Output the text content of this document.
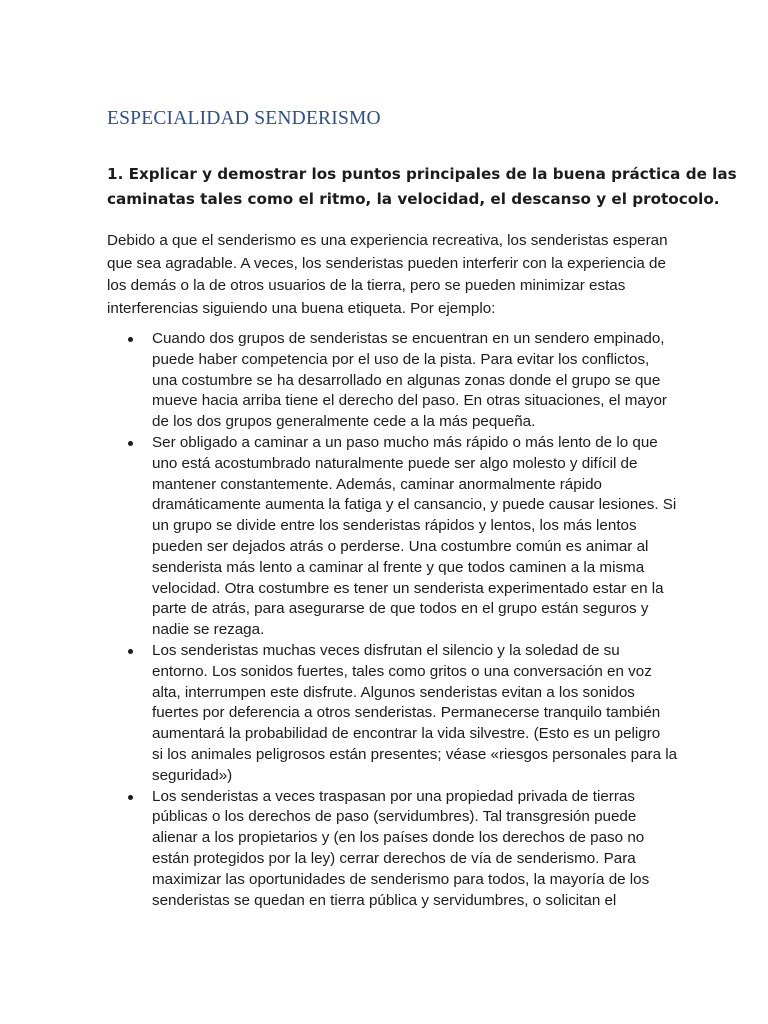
ESPECIALIDAD SENDERISMO
1. Explicar y demostrar los puntos principales de la buena práctica de las
caminatas tales como el ritmo, la velocidad, el descanso y el protocolo.

Debido a que el senderismo es una experiencia recreativa, los senderistas esperan
que sea agradable. A veces, los senderistas pueden interferir con la experiencia de
los demás o la de otros usuarios de la tierra, pero se pueden minimizar estas
interferencias siguiendo una buena etiqueta. Por ejemplo:

Cuando dos grupos de senderistas se encuentran en un sendero empinado,
puede haber competencia por el uso de la pista. Para evitar los conflictos,
una costumbre se ha desarrollado en algunas zonas donde el grupo se que
mueve hacia arriba tiene el derecho del paso. En otras situaciones, el mayor
de los dos grupos generalmente cede a la más pequeña.
Ser obligado a caminar a un paso mucho más rápido o más lento de lo que
uno está acostumbrado naturalmente puede ser algo molesto y difícil de
mantener constantemente. Además, caminar anormalmente rápido
dramáticamente aumenta la fatiga y el cansancio, y puede causar lesiones. Si
un grupo se divide entre los senderistas rápidos y lentos, los más lentos
pueden ser dejados atrás o perderse. Una costumbre común es animar al
senderista más lento a caminar al frente y que todos caminen a la misma
velocidad. Otra costumbre es tener un senderista experimentado estar en la
parte de atrás, para asegurarse de que todos en el grupo están seguros y
nadie se rezaga.
Los senderistas muchas veces disfrutan el silencio y la soledad de su
entorno. Los sonidos fuertes, tales como gritos o una conversación en voz
alta, interrumpen este disfrute. Algunos senderistas evitan a los sonidos
fuertes por deferencia a otros senderistas. Permanecerse tranquilo también
aumentará la probabilidad de encontrar la vida silvestre. (Esto es un peligro
si los animales peligrosos están presentes; véase «riesgos personales para la
seguridad»)
Los senderistas a veces traspasan por una propiedad privada de tierras
públicas o los derechos de paso (servidumbres). Tal transgresión puede
alienar a los propietarios y (en los países donde los derechos de paso no
están protegidos por la ley) cerrar derechos de vía de senderismo. Para
maximizar las oportunidades de senderismo para todos, la mayoría de los
senderistas se quedan en tierra pública y servidumbres, o solicitan el
